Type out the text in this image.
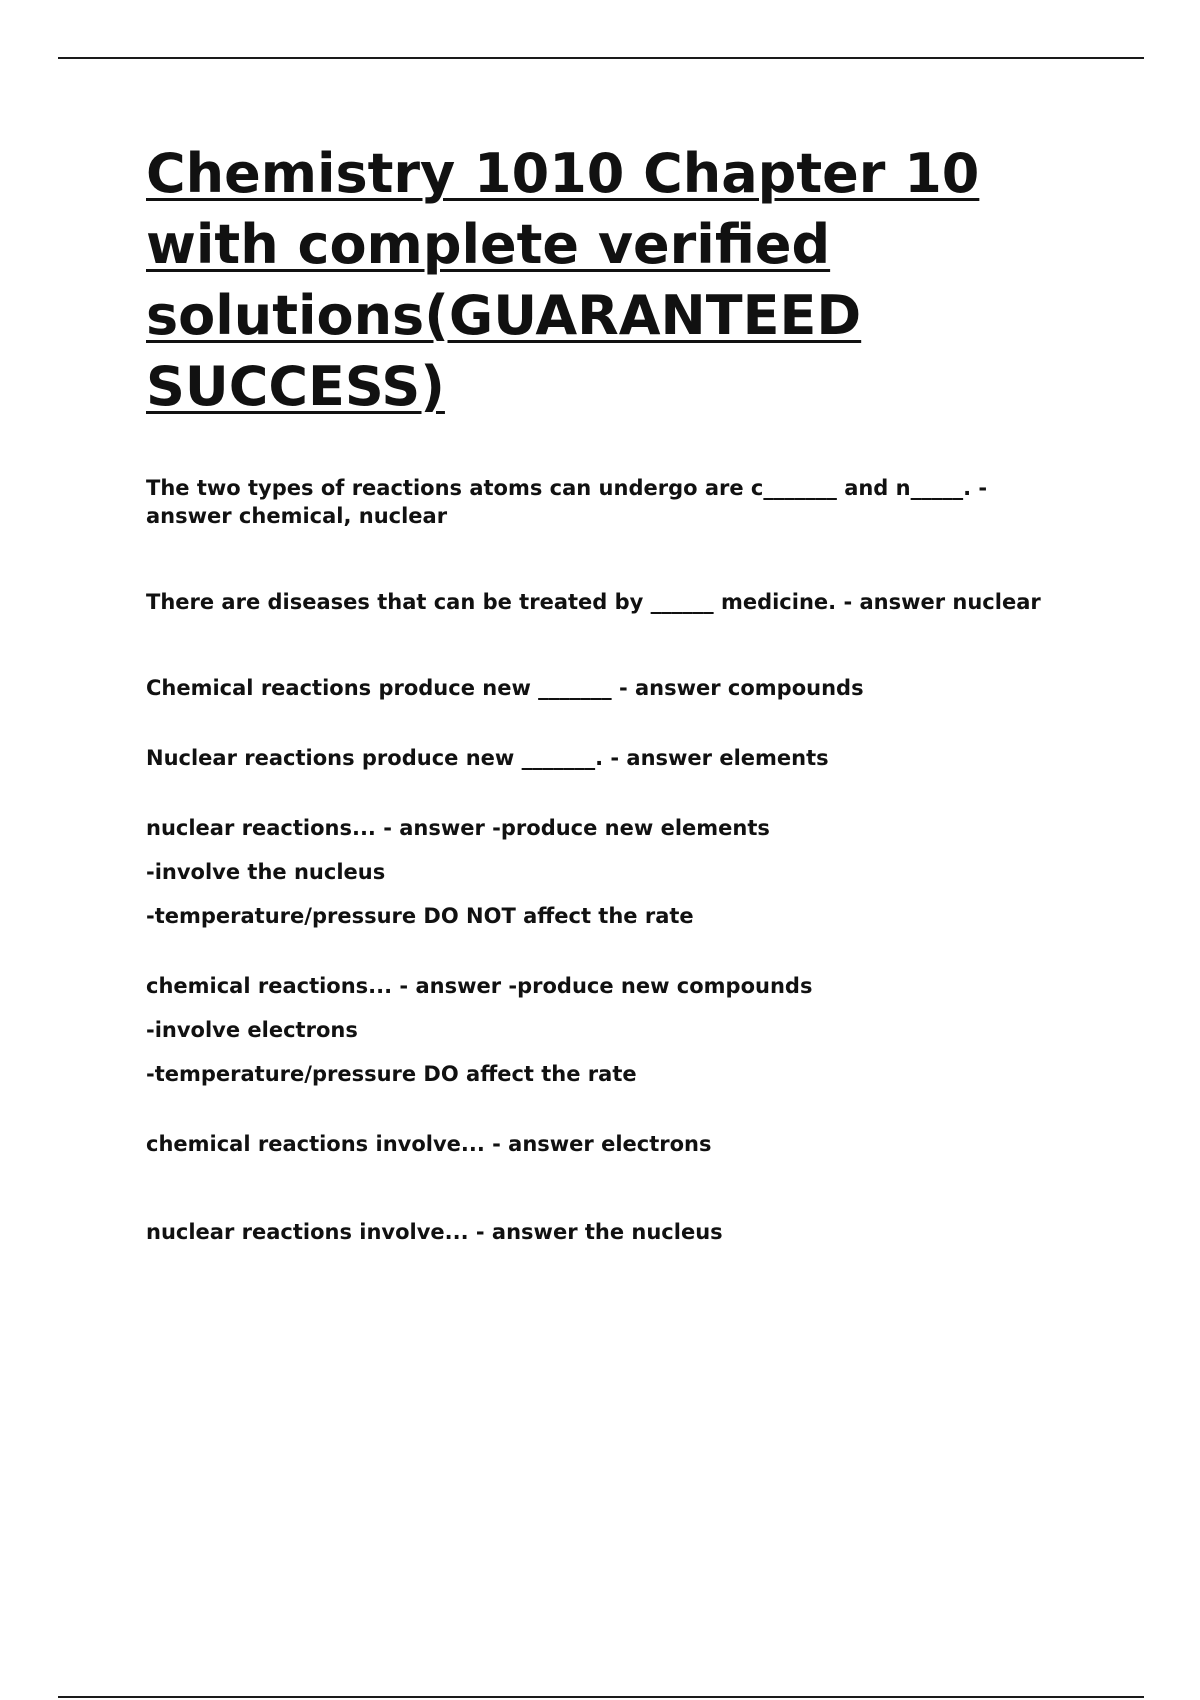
Chemistry 1010 Chapter 10
with complete verified
solutions(GUARANTEED
SUCCESS)
The two types of reactions atoms can undergo are c_______ and n_____. - answer chemical, nuclear
There are diseases that can be treated by ______ medicine. - answer nuclear
Chemical reactions produce new _______ - answer compounds
Nuclear reactions produce new _______. - answer elements
nuclear reactions... - answer -produce new elements
-involve the nucleus
-temperature/pressure DO NOT affect the rate
chemical reactions... - answer -produce new compounds
-involve electrons
-temperature/pressure DO affect the rate
chemical reactions involve... - answer electrons
nuclear reactions involve... - answer the nucleus
